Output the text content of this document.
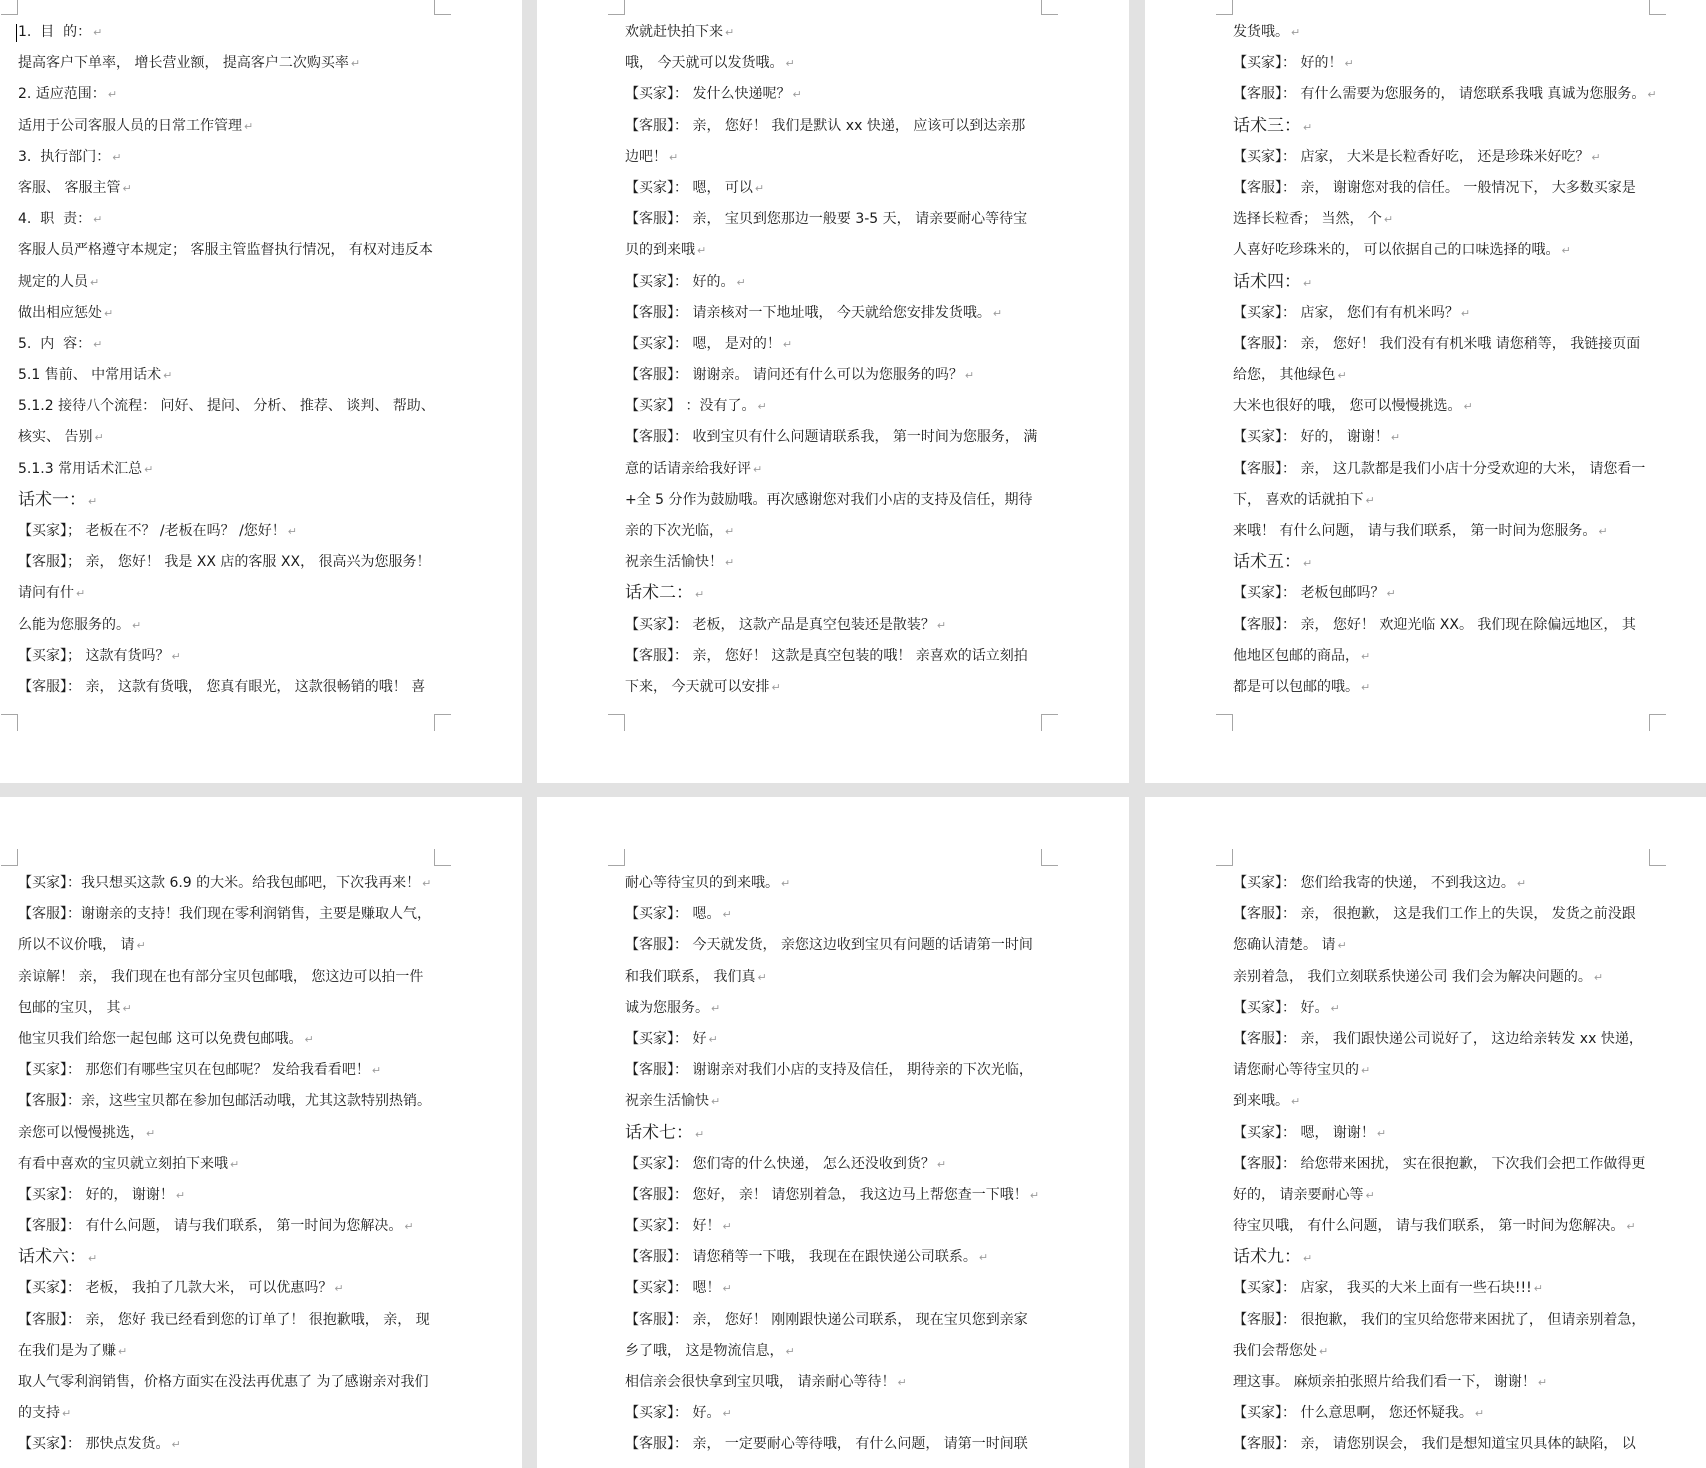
1.  目  的： ↵
提高客户下单率， 增长营业额， 提高客户二次购买率 ↵
2. 适应范围： ↵
适用于公司客服人员的日常工作管理 ↵
3.  执行部门： ↵
客服、 客服主管 ↵
4.  职  责： ↵
客服人员严格遵守本规定； 客服主管监督执行情况， 有权对违反本
规定的人员 ↵
做出相应惩处 ↵
5.  内  容： ↵
5.1 售前、 中常用话术 ↵
5.1.2 接待八个流程： 问好、 提问、 分析、 推荐、 谈判、 帮助、
核实、 告别 ↵
5.1.3 常用话术汇总 ↵
话术一： ↵
【买家】； 老板在不？ /老板在吗？ /您好！ ↵
【客服】； 亲， 您好！ 我是 XX 店的客服 XX， 很高兴为您服务！
请问有什 ↵
么能为您服务的。 ↵
【买家】； 这款有货吗？ ↵
【客服】： 亲， 这款有货哦， 您真有眼光， 这款很畅销的哦！ 喜
欢就赶快拍下来 ↵
哦， 今天就可以发货哦。 ↵
【买家】： 发什么快递呢？ ↵
【客服】： 亲， 您好！ 我们是默认 xx 快递， 应该可以到达亲那
边吧！ ↵
【买家】： 嗯， 可以 ↵
【客服】： 亲， 宝贝到您那边一般要 3-5 天， 请亲要耐心等待宝
贝的到来哦 ↵
【买家】： 好的。 ↵
【客服】： 请亲核对一下地址哦， 今天就给您安排发货哦。 ↵
【买家】： 嗯， 是对的！ ↵
【客服】： 谢谢亲。 请问还有什么可以为您服务的吗？ ↵
【买家】 ：没有了。 ↵
【客服】： 收到宝贝有什么问题请联系我， 第一时间为您服务， 满
意的话请亲给我好评 ↵
+全 5 分作为鼓励哦。再次感谢您对我们小店的支持及信任，期待
亲的下次光临， ↵
祝亲生活愉快！ ↵
话术二： ↵
【买家】： 老板， 这款产品是真空包装还是散装？ ↵
【客服】： 亲， 您好！ 这款是真空包装的哦！ 亲喜欢的话立刻拍
下来， 今天就可以安排 ↵
发货哦。 ↵
【买家】： 好的！ ↵
【客服】： 有什么需要为您服务的， 请您联系我哦 真诚为您服务。 ↵
话术三： ↵
【买家】： 店家， 大米是长粒香好吃， 还是珍珠米好吃？ ↵
【客服】： 亲， 谢谢您对我的信任。 一般情况下， 大多数买家是
选择长粒香； 当然， 个 ↵
人喜好吃珍珠米的， 可以依据自己的口味选择的哦。 ↵
话术四： ↵
【买家】： 店家， 您们有有机米吗？ ↵
【客服】： 亲， 您好！ 我们没有有机米哦 请您稍等， 我链接页面
给您， 其他绿色 ↵
大米也很好的哦， 您可以慢慢挑选。 ↵
【买家】： 好的， 谢谢！ ↵
【客服】： 亲， 这几款都是我们小店十分受欢迎的大米， 请您看一
下， 喜欢的话就拍下 ↵
来哦！ 有什么问题， 请与我们联系， 第一时间为您服务。 ↵
话术五： ↵
【买家】： 老板包邮吗？ ↵
【客服】： 亲， 您好！ 欢迎光临 XX。 我们现在除偏远地区， 其
他地区包邮的商品， ↵
都是可以包邮的哦。 ↵
【买家】：我只想买这款 6.9 的大米。给我包邮吧，下次我再来！ ↵
【客服】：谢谢亲的支持！我们现在零利润销售，主要是赚取人气，
所以不议价哦， 请 ↵
亲谅解！ 亲， 我们现在也有部分宝贝包邮哦， 您这边可以拍一件
包邮的宝贝， 其 ↵
他宝贝我们给您一起包邮 这可以免费包邮哦。 ↵
【买家】： 那您们有哪些宝贝在包邮呢？ 发给我看看吧！ ↵
【客服】：亲，这些宝贝都在参加包邮活动哦，尤其这款特别热销。
亲您可以慢慢挑选， ↵
有看中喜欢的宝贝就立刻拍下来哦 ↵
【买家】： 好的， 谢谢！ ↵
【客服】： 有什么问题， 请与我们联系， 第一时间为您解决。 ↵
话术六： ↵
【买家】： 老板， 我拍了几款大米， 可以优惠吗？ ↵
【客服】： 亲， 您好 我已经看到您的订单了！ 很抱歉哦， 亲， 现
在我们是为了赚 ↵
取人气零利润销售，价格方面实在没法再优惠了 为了感谢亲对我们
的支持 ↵
【买家】： 那快点发货。 ↵
耐心等待宝贝的到来哦。 ↵
【买家】： 嗯。 ↵
【客服】： 今天就发货， 亲您这边收到宝贝有问题的话请第一时间
和我们联系， 我们真 ↵
诚为您服务。 ↵
【买家】： 好 ↵
【客服】： 谢谢亲对我们小店的支持及信任， 期待亲的下次光临，
祝亲生活愉快 ↵
话术七： ↵
【买家】： 您们寄的什么快递， 怎么还没收到货？ ↵
【客服】： 您好， 亲！ 请您别着急， 我这边马上帮您查一下哦！ ↵
【买家】： 好！ ↵
【客服】： 请您稍等一下哦， 我现在在跟快递公司联系。 ↵
【买家】： 嗯！ ↵
【客服】： 亲， 您好！ 刚刚跟快递公司联系， 现在宝贝您到亲家
乡了哦， 这是物流信息， ↵
相信亲会很快拿到宝贝哦， 请亲耐心等待！ ↵
【买家】： 好。 ↵
【客服】： 亲， 一定要耐心等待哦， 有什么问题， 请第一时间联
【买家】： 您们给我寄的快递， 不到我这边。 ↵
【客服】： 亲， 很抱歉， 这是我们工作上的失误， 发货之前没跟
您确认清楚。 请 ↵
亲别着急， 我们立刻联系快递公司 我们会为解决问题的。 ↵
【买家】： 好。 ↵
【客服】： 亲， 我们跟快递公司说好了， 这边给亲转发 xx 快递，
请您耐心等待宝贝的 ↵
到来哦。 ↵
【买家】： 嗯， 谢谢！ ↵
【客服】： 给您带来困扰， 实在很抱歉， 下次我们会把工作做得更
好的， 请亲要耐心等 ↵
待宝贝哦， 有什么问题， 请与我们联系， 第一时间为您解决。 ↵
话术九： ↵
【买家】： 店家， 我买的大米上面有一些石块!!! ↵
【客服】： 很抱歉， 我们的宝贝给您带来困扰了， 但请亲别着急，
我们会帮您处 ↵
理这事。 麻烦亲拍张照片给我们看一下， 谢谢！ ↵
【买家】： 什么意思啊， 您还怀疑我。 ↵
【客服】： 亲， 请您别误会， 我们是想知道宝贝具体的缺陷， 以
